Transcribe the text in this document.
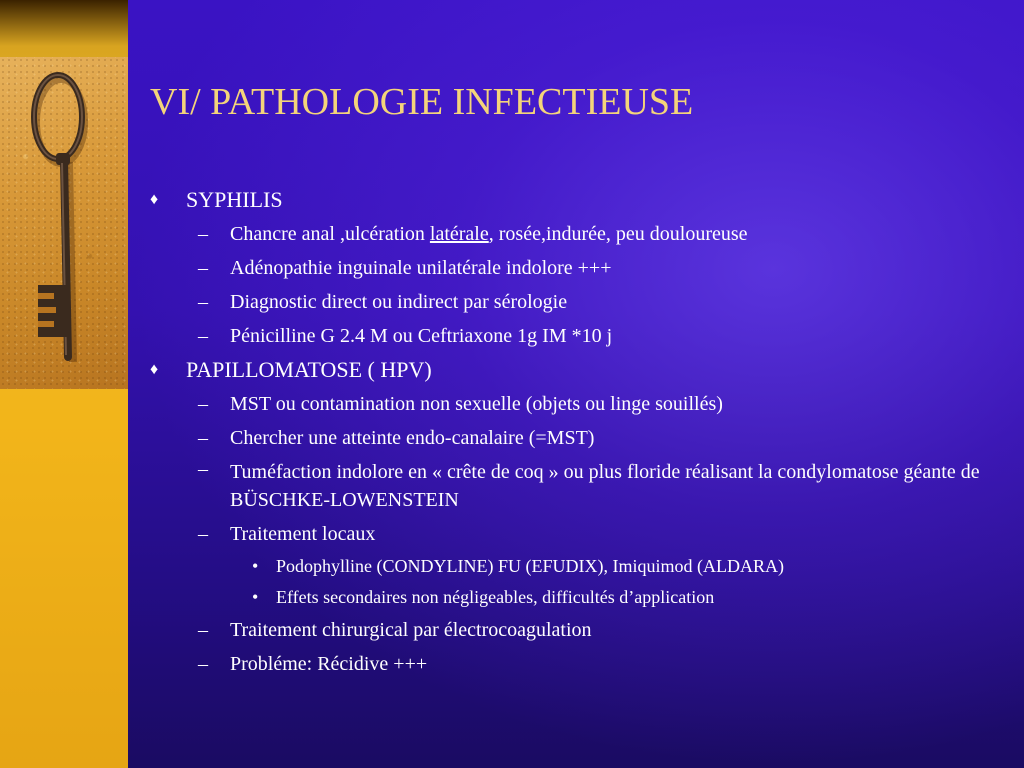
VI/ PATHOLOGIE INFECTIEUSE
♦ SYPHILIS
– Chancre anal ,ulcération latérale, rosée,indurée, peu douloureuse
– Adénopathie inguinale unilatérale indolore +++
– Diagnostic direct ou indirect par sérologie
– Pénicilline G 2.4 M ou Ceftriaxone 1g IM *10 j
♦ PAPILLOMATOSE ( HPV)
– MST ou contamination non sexuelle (objets ou linge souillés)
– Chercher une atteinte endo-canalaire (=MST)
– Tuméfaction indolore en « crête de coq » ou plus floride réalisant la condylomatose géante de BÜSCHKE-LOWENSTEIN
– Traitement locaux
• Podophylline (CONDYLINE) FU (EFUDIX), Imiquimod (ALDARA)
• Effets secondaires non négligeables, difficultés d’application
– Traitement chirurgical par électrocoagulation
– Probléme: Récidive +++
